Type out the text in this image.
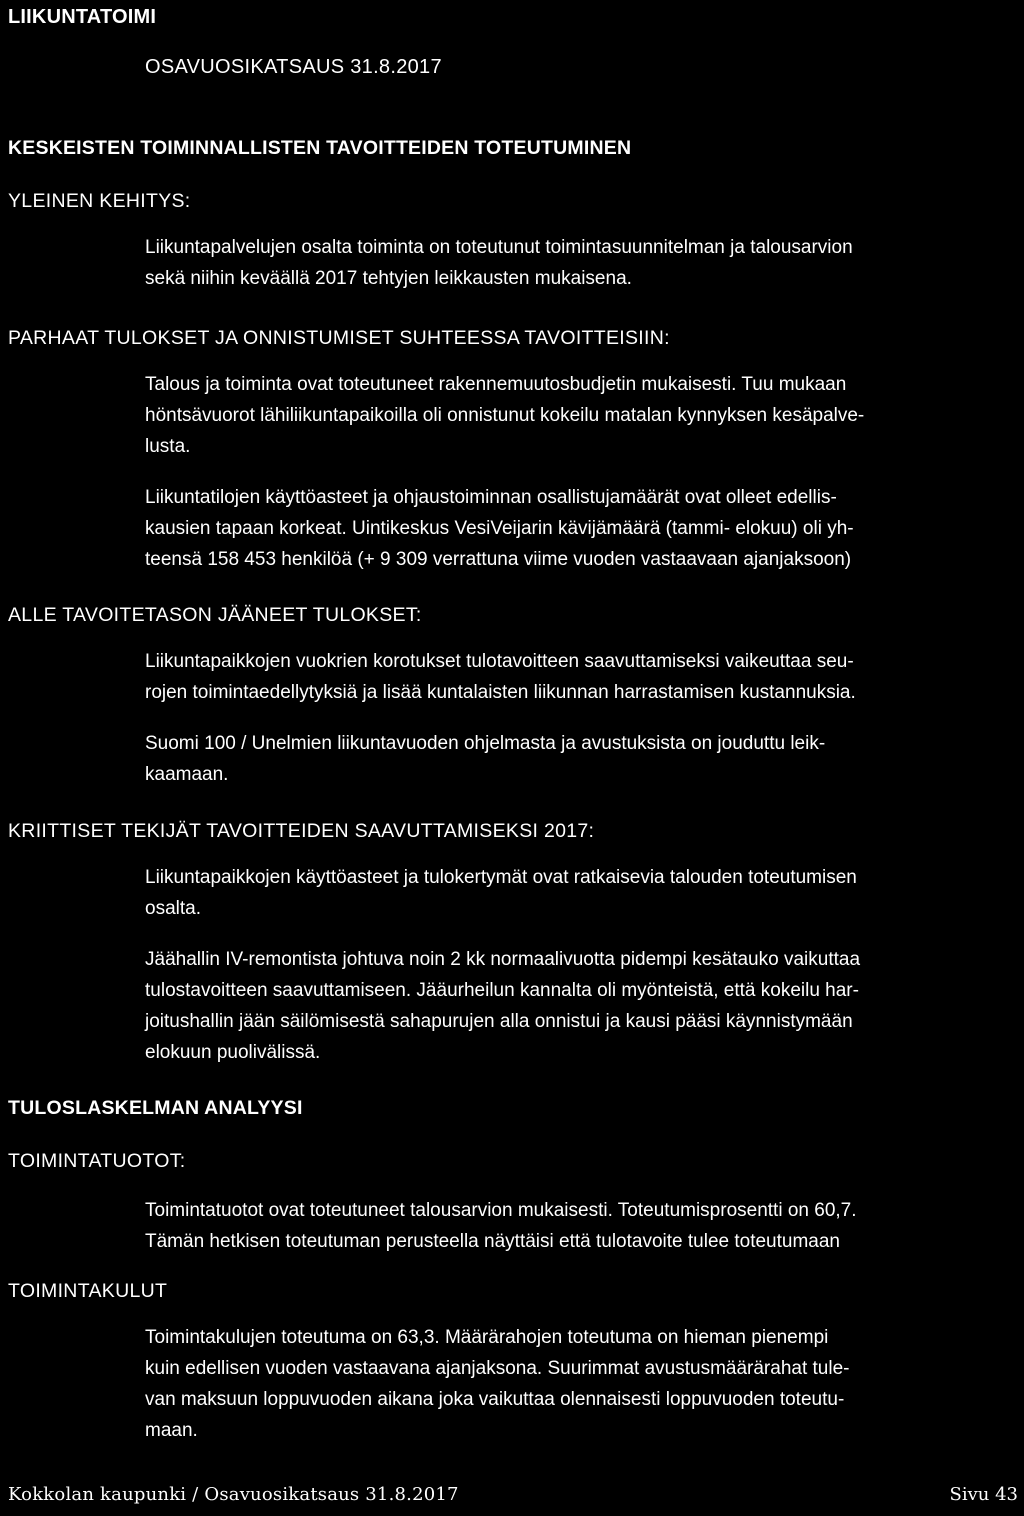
LIIKUNTATOIMI
OSAVUOSIKATSAUS 31.8.2017
KESKEISTEN TOIMINNALLISTEN TAVOITTEIDEN TOTEUTUMINEN
YLEINEN KEHITYS:

Liikuntapalvelujen osalta toiminta on toteutunut toimintasuunnitelman ja talousarvion
sekä niihin keväällä 2017 tehtyjen leikkausten mukaisena.

PARHAAT TULOKSET JA ONNISTUMISET SUHTEESSA TAVOITTEISIIN:

Talous ja toiminta ovat toteutuneet rakennemuutosbudjetin mukaisesti. Tuu mukaan
höntsävuorot lähiliikuntapaikoilla oli onnistunut kokeilu matalan kynnyksen kesäpalve-
lusta.

Liikuntatilojen käyttöasteet ja ohjaustoiminnan osallistujamäärät ovat olleet edellis-
kausien tapaan korkeat. Uintikeskus VesiVeijarin kävijämäärä (tammi- elokuu) oli yh-
teensä 158 453 henkilöä (+ 9 309 verrattuna viime vuoden vastaavaan ajanjaksoon)

ALLE TAVOITETASON JÄÄNEET TULOKSET:

Liikuntapaikkojen vuokrien korotukset tulotavoitteen saavuttamiseksi vaikeuttaa seu-
rojen toimintaedellytyksiä ja lisää kuntalaisten liikunnan harrastamisen kustannuksia.

Suomi 100 / Unelmien liikuntavuoden ohjelmasta ja avustuksista on jouduttu leik-
kaamaan.

KRIITTISET TEKIJÄT TAVOITTEIDEN SAAVUTTAMISEKSI 2017:

Liikuntapaikkojen käyttöasteet ja tulokertymät ovat ratkaisevia talouden toteutumisen
osalta.

Jäähallin IV-remontista johtuva noin 2 kk normaalivuotta pidempi kesätauko vaikuttaa
tulostavoitteen saavuttamiseen. Jääurheilun kannalta oli myönteistä, että kokeilu har-
joitushallin jään säilömisestä sahapurujen alla onnistui ja kausi pääsi käynnistymään
elokuun puolivälissä.

TULOSLASKELMAN ANALYYSI
TOIMINTATUOTOT:

Toimintatuotot ovat toteutuneet talousarvion mukaisesti. Toteutumisprosentti on 60,7.
Tämän hetkisen toteutuman perusteella näyttäisi että tulotavoite tulee toteutumaan

TOIMINTAKULUT

Toimintakulujen toteutuma on 63,3. Määrärahojen toteutuma on hieman pienempi
kuin edellisen vuoden vastaavana ajanjaksona. Suurimmat avustusmäärärahat tule-
van maksuun loppuvuoden aikana joka vaikuttaa olennaisesti loppuvuoden toteutu-
maan.

Kokkolan kaupunki / Osavuosikatsaus 31.8.2017	Sivu 43
